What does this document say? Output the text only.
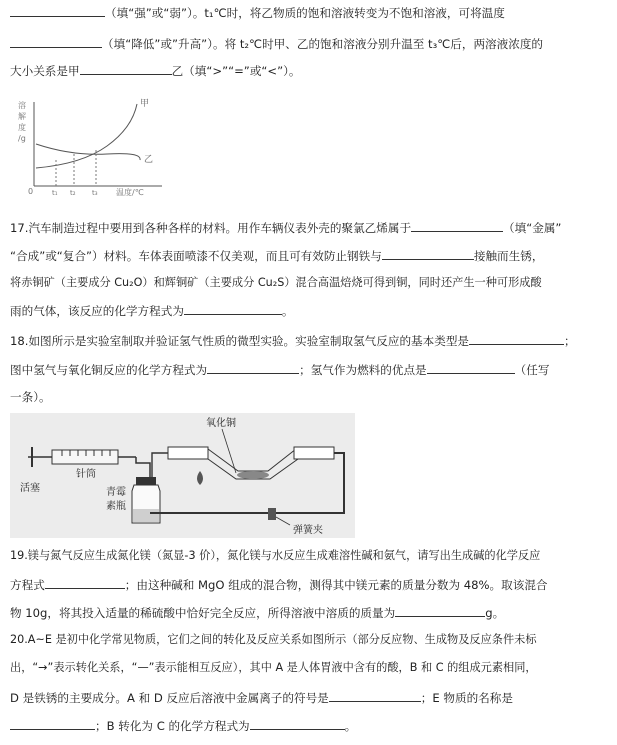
（填“强”或“弱”）。t₁℃时，将乙物质的饱和溶液转变为不饱和溶液，可将温度
（填“降低”或”升高”）。将 t₂℃时甲、乙的饱和溶液分别升温至 t₃℃后，两溶液浓度的
大小关系是甲	乙（填“>”“=”或“<”）。
溶
解
度
/g
甲
乙
0	t₁ t₂ t₃ 温度/℃
17.汽车制造过程中要用到各种各样的材料。用作车辆仪表外壳的聚氯乙烯属于	（填“金属”
“合成”或“复合”）材料。车体表面喷漆不仅美观，而且可有效防止钢铁与	接触而生锈，
将赤铜矿（主要成分 Cu₂O）和辉铜矿（主要成分 Cu₂S）混合高温焙烧可得到铜，同时还产生一种可形成酸
雨的气体，该反应的化学方程式为	。
18.如图所示是实验室制取并验证氢气性质的微型实验。实验室制取氢气反应的基本类型是	；
图中氢气与氧化铜反应的化学方程式为	；氢气作为燃料的优点是	（任写
一条）。
氧化铜
针筒
活塞	青霉
素瓶
弹簧夹
19.镁与氮气反应生成氮化镁（氮显-3 价），氮化镁与水反应生成难溶性碱和氨气，请写出生成碱的化学反应
方程式	；由这种碱和 MgO 组成的混合物，测得其中镁元素的质量分数为 48%。取该混合
物 10g，将其投入适量的稀硫酸中恰好完全反应，所得溶液中溶质的质量为	g。
20.A~E 是初中化学常见物质，它们之间的转化及反应关系如图所示（部分反应物、生成物及反应条件未标
出，“→”表示转化关系，“—”表示能相互反应），其中 A 是人体胃液中含有的酸，B 和 C 的组成元素相同，
D 是铁锈的主要成分。A 和 D 反应后溶液中金属离子的符号是	；E 物质的名称是
；B 转化为 C 的化学方程式为	。
